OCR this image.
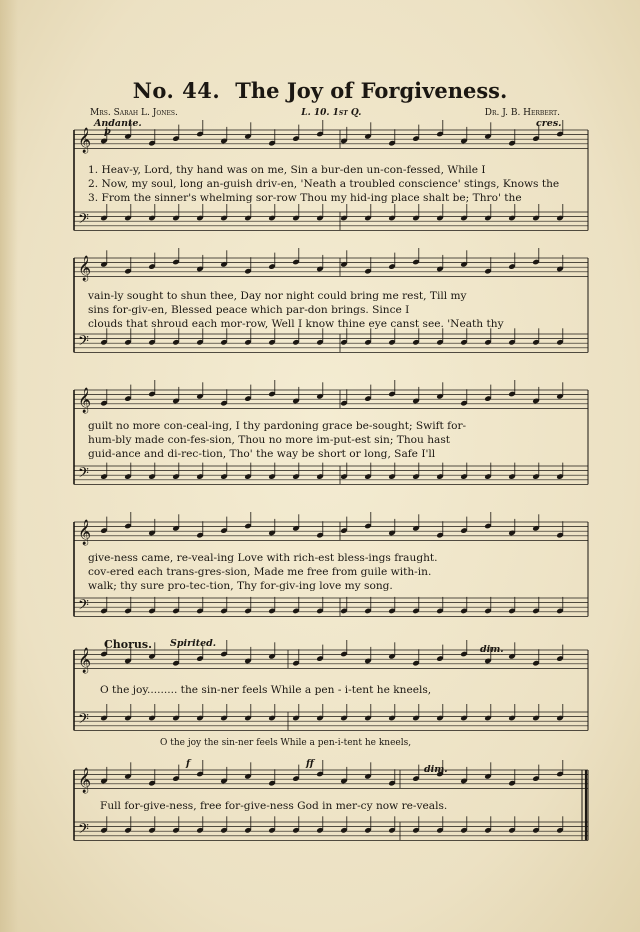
No. 44. The Joy of Forgiveness.
Mrs. Sarah L. Jones.	L. 10. 1st Q.	Dr. J. B. Herbert.
𝄞
𝄢
𝄞
𝄢
𝄞
𝄢
𝄞
𝄢
𝄞
𝄢
𝄞
𝄢
Andante.	cres.
p
1. Heav-y, Lord, thy hand was on me, Sin a bur-den un-con-fessed, While I
2. Now, my soul, long an-guish driv-en, 'Neath a troubled conscience' stings, Knows the
3. From the sinner's whelming sor-row Thou my hid-ing place shalt be; Thro' the
vain-ly sought to shun thee, Day nor night could bring me rest, Till my
sins for-giv-en, Blessed peace which par-don brings. Since I
clouds that shroud each mor-row, Well I know thine eye canst see. 'Neath thy
guilt no more con-ceal-ing, I thy pardoning grace be-sought; Swift for-
hum-bly made con-fes-sion, Thou no more im-put-est sin; Thou hast
guid-ance and di-rec-tion, Tho' the way be short or long, Safe I'll
give-ness came, re-veal-ing Love with rich-est bless-ings fraught.
cov-ered each trans-gres-sion, Made me free from guile with-in.
walk; thy sure pro-tec-tion, Thy for-giv-ing love my song.
Chorus. Spirited.
dim.
O the joy......... the sin-ner feels While a pen - i-tent he kneels,
O the joy the sin-ner feels While a pen-i-tent he kneels,
f	ff
dim.
Full for-give-ness, free for-give-ness God in mer-cy now re-veals.
